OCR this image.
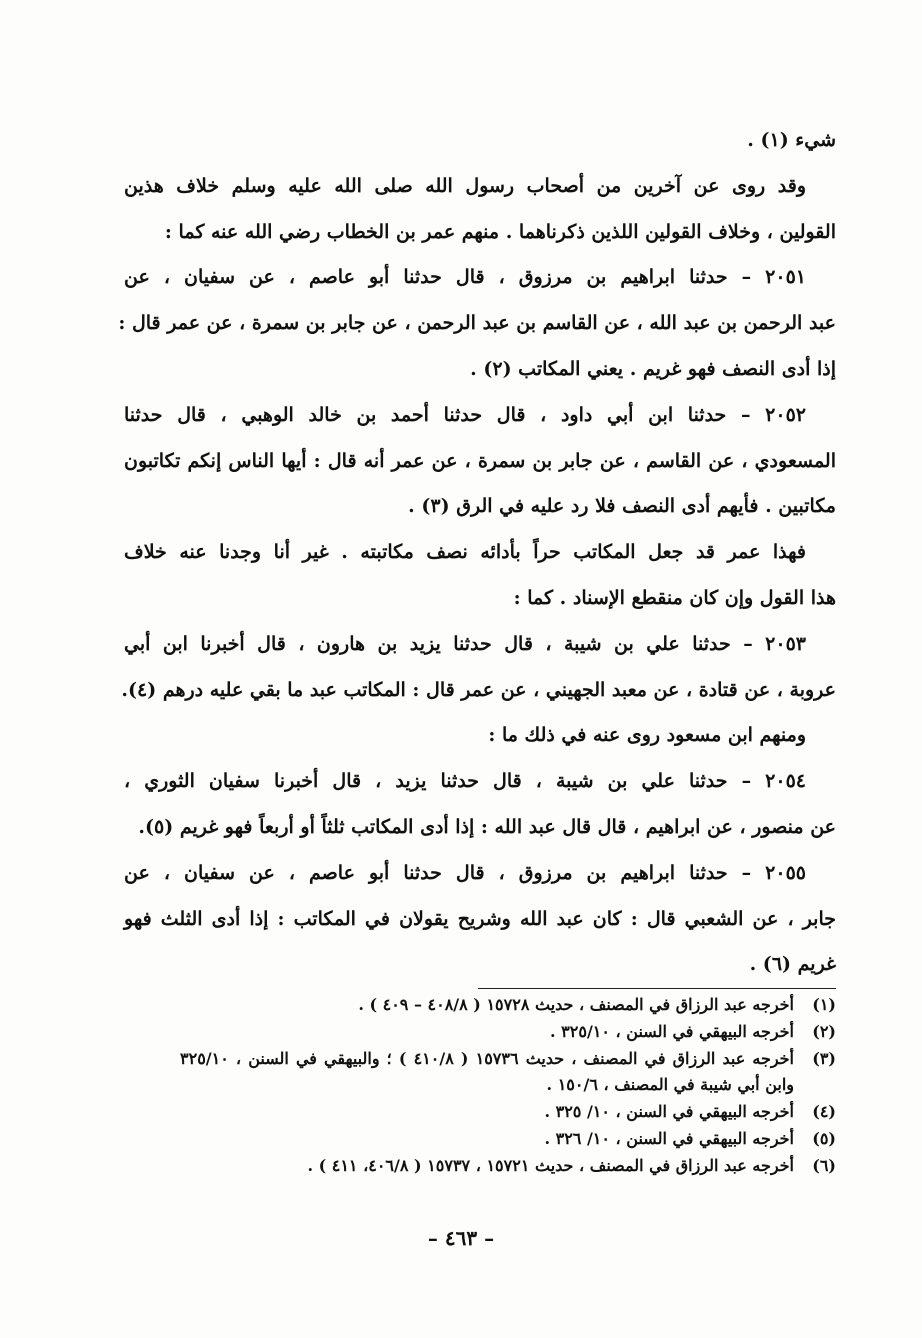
شيء (١) .
وقد روى عن آخرين من أصحاب رسول الله صلى الله عليه وسلم خلاف هذين
القولين ، وخلاف القولين اللذين ذكرناهما . منهم عمر بن الخطاب رضي الله عنه كما :
٢٠٥١ – حدثنا ابراهيم بن مرزوق ، قال حدثنا أبو عاصم ، عن سفيان ، عن
عبد الرحمن بن عبد الله ، عن القاسم بن عبد الرحمن ، عن جابر بن سمرة ، عن عمر قال :
إذا أدى النصف فهو غريم . يعني المكاتب (٢) .
٢٠٥٢ – حدثنا ابن أبي داود ، قال حدثنا أحمد بن خالد الوهبي ، قال حدثنا
المسعودي ، عن القاسم ، عن جابر بن سمرة ، عن عمر أنه قال : أيها الناس إنكم تكاتبون
مكاتبين . فأيهم أدى النصف فلا رد عليه في الرق (٣) .
فهذا عمر قد جعل المكاتب حراً بأدائه نصف مكاتبته . غير أنا وجدنا عنه خلاف
هذا القول وإن كان منقطع الإسناد . كما :
٢٠٥٣ – حدثنا علي بن شيبة ، قال حدثنا يزيد بن هارون ، قال أخبرنا ابن أبي
عروبة ، عن قتادة ، عن معبد الجهيني ، عن عمر قال : المكاتب عبد ما بقي عليه درهم (٤).
ومنهم ابن مسعود روى عنه في ذلك ما :
٢٠٥٤ – حدثنا علي بن شيبة ، قال حدثنا يزيد ، قال أخبرنا سفيان الثوري ،
عن منصور ، عن ابراهيم ، قال قال عبد الله : إذا أدى المكاتب ثلثاً أو أربعاً فهو غريم (٥).
٢٠٥٥ – حدثنا ابراهيم بن مرزوق ، قال حدثنا أبو عاصم ، عن سفيان ، عن
جابر ، عن الشعبي قال : كان عبد الله وشريح يقولان في المكاتب : إذا أدى الثلث فهو
غريم (٦) .
(١)
أخرجه عبد الرزاق في المصنف ، حديث ١٥٧٢٨ ( ٤٠٨/٨ – ٤٠٩ ) .
(٢)
أخرجه البيهقي في السنن ، ٣٢٥/١٠ .
(٣)
أخرجه عبد الرزاق في المصنف ، حديث ١٥٧٣٦ ( ٤١٠/٨ ) ؛ والبيهقي في السنن ، ٣٢٥/١٠
وابن أبي شيبة في المصنف ، ١٥٠/٦ .
(٤)
أخرجه البيهقي في السنن ، ١٠/ ٣٢٥ .
(٥)
أخرجه البيهقي في السنن ، ١٠/ ٣٢٦ .
(٦)
أخرجه عبد الرزاق في المصنف ، حديث ١٥٧٢١ ، ١٥٧٣٧ ( ٤٠٦/٨، ٤١١ ) .
– ٤٦٣ –
